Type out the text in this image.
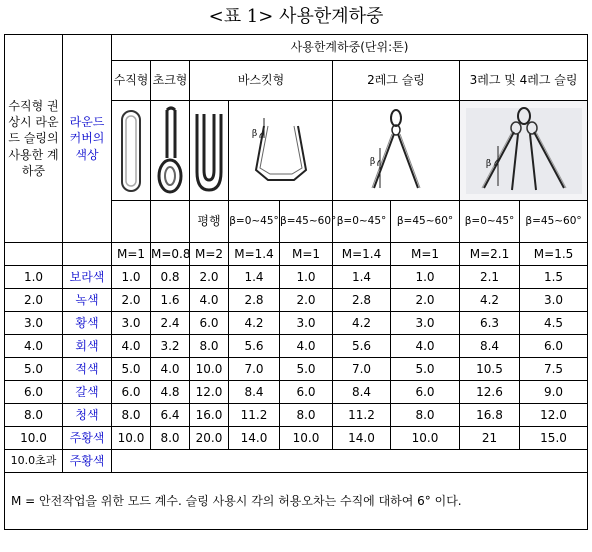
<표 1> 사용한계하중
수직형 권상시 라운드 슬링의 사용한 계하중	라운드 커버의 색상	사용한계하중(단위:톤)								
		수직형	초크형	바스킷형			2레그 슬링		3레그 및 4레그 슬링	

β		β		β	

				평행	β=0~45°	β=45~60°	β=0~45°	β=45~60°	β=0~45°	β=45~60°
		M=1	M=0.8	M=2	M=1.4	M=1	M=1.4	M=1	M=2.1	M=1.5
1.0	보라색	1.0	0.8	2.0	1.4	1.0	1.4	1.0	2.1	1.5
2.0	녹색	2.0	1.6	4.0	2.8	2.0	2.8	2.0	4.2	3.0
3.0	황색	3.0	2.4	6.0	4.2	3.0	4.2	3.0	6.3	4.5
4.0	회색	4.0	3.2	8.0	5.6	4.0	5.6	4.0	8.4	6.0
5.0	적색	5.0	4.0	10.0	7.0	5.0	7.0	5.0	10.5	7.5
6.0	갈색	6.0	4.8	12.0	8.4	6.0	8.4	6.0	12.6	9.0
8.0	청색	8.0	6.4	16.0	11.2	8.0	11.2	8.0	16.8	12.0
10.0	주황색	10.0	8.0	20.0	14.0	10.0	14.0	10.0	21	15.0
10.0초과	주황색									
M = 안전작업을 위한 모드 계수. 슬링 사용시 각의 허용오차는 수직에 대하여 6° 이다.										
